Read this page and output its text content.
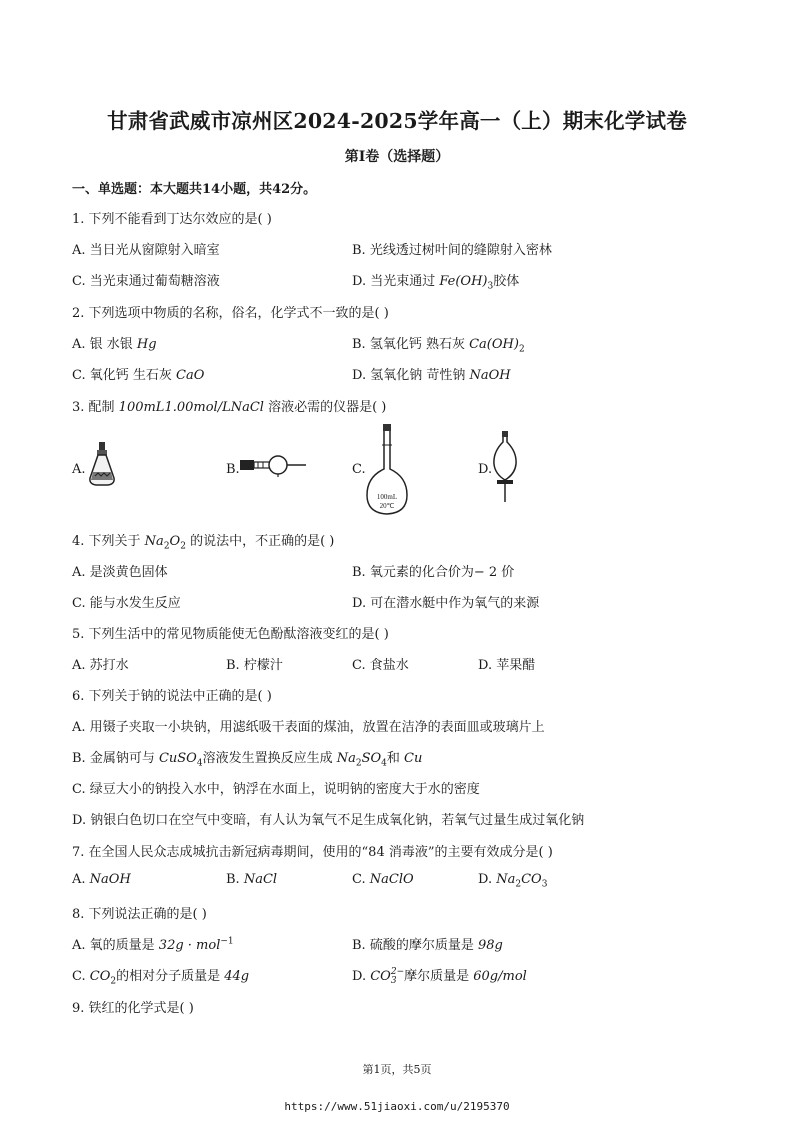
甘肃省武威市凉州区2024-2025学年高一（上）期末化学试卷
第I卷（选择题）
一、单选题：本大题共14小题，共42分。
1. 下列不能看到丁达尔效应的是( )
A. 当日光从窗隙射入暗室	B. 光线透过树叶间的缝隙射入密林
C. 当光束通过葡萄糖溶液	D. 当光束通过 $Fe(OH)_3$胶体
2. 下列选项中物质的名称，俗名，化学式不一致的是( )
A. 银 水银 Hg	B. 氢氧化钙 熟石灰 $Ca(OH)_2$
C. 氧化钙 生石灰 CaO	D. 氢氧化钠 苛性钠 NaOH
3. 配制 100mL1.00mol/LNaCl 溶液必需的仪器是( )
A.	B.	C.
100mL
20℃
D.
4. 下列关于 $Na_2O_2$ 的说法中，不正确的是( )
A. 是淡黄色固体	B. 氧元素的化合价为− 2 价
C. 能与水发生反应	D. 可在潜水艇中作为氧气的来源
5. 下列生活中的常见物质能使无色酚酞溶液变红的是( )
A. 苏打水	B. 柠檬汁	C. 食盐水	D. 苹果醋
6. 下列关于钠的说法中正确的是( )
A. 用镊子夹取一小块钠，用滤纸吸干表面的煤油，放置在洁净的表面皿或玻璃片上
B. 金属钠可与 CuSO$_4$溶液发生置换反应生成 $Na_2SO_4$和 Cu
C. 绿豆大小的钠投入水中，钠浮在水面上，说明钠的密度大于水的密度
D. 钠银白色切口在空气中变暗，有人认为氧气不足生成氧化钠，若氧气过量生成过氧化钠
7. 在全国人民众志成城抗击新冠病毒期间，使用的“84 消毒液”的主要有效成分是( )
A. NaOH	B. NaCl	C. NaClO	D. $Na_2CO_3$
8. 下列说法正确的是( )
A. 氧的质量是 32g · mol$^{-1}$	B. 硫酸的摩尔质量是 98g
C. $CO_2$的相对分子质量是 44g	D. CO 2−
3 摩尔质量是 60g/mol
9. 铁红的化学式是( )
第1页，共5页
https://www.51jiaoxi.com/u/2195370
